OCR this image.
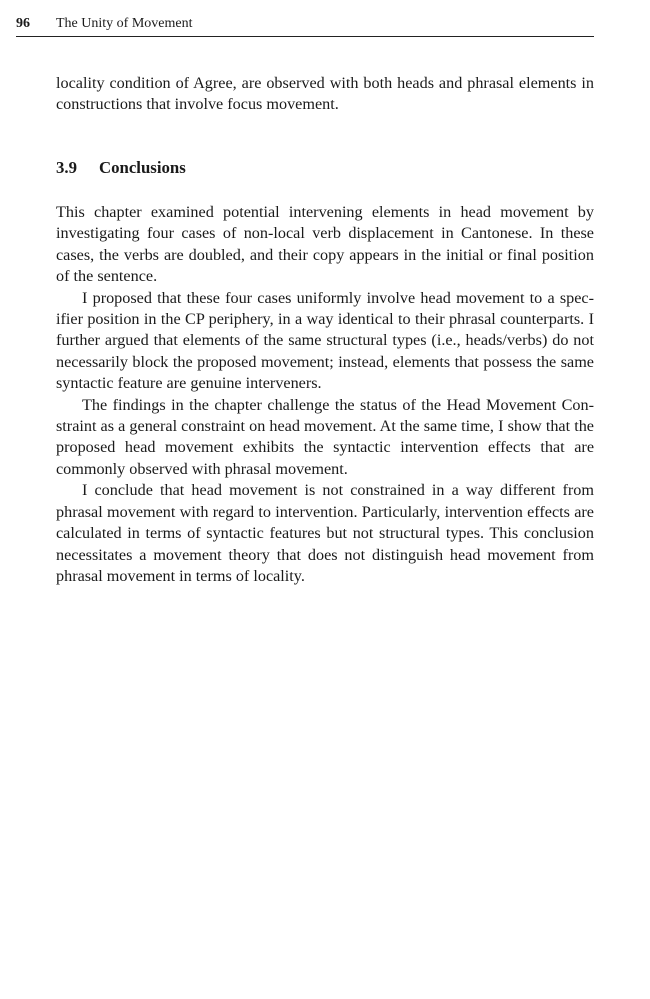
96 The Unity of Movement

locality condition of Agree, are observed with both heads and phrasal elements in constructions that involve focus movement.

3.9 Conclusions

This chapter examined potential intervening elements in head movement by investigating four cases of non-local verb displacement in Cantonese. In these cases, the verbs are doubled, and their copy appears in the initial or final position of the sentence.

I proposed that these four cases uniformly involve head movement to a specifier position in the CP periphery, in a way identical to their phrasal counterparts. I further argued that elements of the same structural types (i.e., heads/verbs) do not necessarily block the proposed movement; instead, elements that possess the same syntactic feature are genuine interveners.

The findings in the chapter challenge the status of the Head Movement Constraint as a general constraint on head movement. At the same time, I show that the proposed head movement exhibits the syntactic intervention effects that are commonly observed with phrasal movement.

I conclude that head movement is not constrained in a way different from phrasal movement with regard to intervention. Particularly, intervention effects are calculated in terms of syntactic features but not structural types. This conclusion necessitates a movement theory that does not distinguish head movement from phrasal movement in terms of locality.
